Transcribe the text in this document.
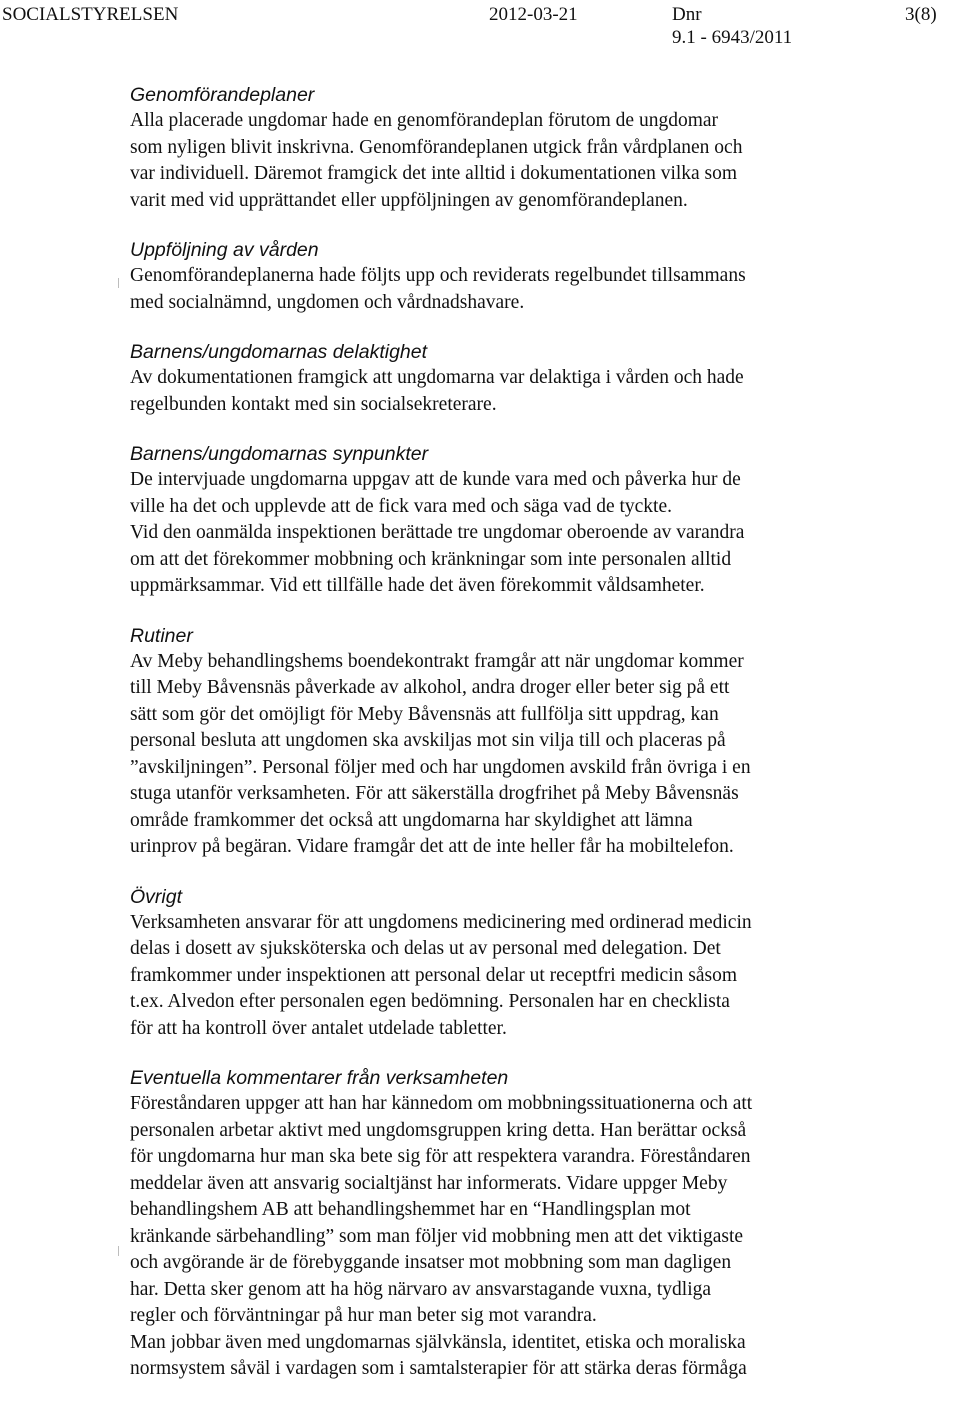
SOCIALSTYRELSEN	2012-03-21	Dnr
9.1 - 6943/2011
3(8)
Genomförandeplaner

Alla placerade ungdomar hade en genomförandeplan förutom de ungdomar
som nyligen blivit inskrivna. Genomförandeplanen utgick från vårdplanen och
var individuell. Däremot framgick det inte alltid i dokumentationen vilka som
varit med vid upprättandet eller uppföljningen av genomförandeplanen.

Uppföljning av vården

Genomförandeplanerna hade följts upp och reviderats regelbundet tillsammans
med socialnämnd, ungdomen och vårdnadshavare.

Barnens/ungdomarnas delaktighet

Av dokumentationen framgick att ungdomarna var delaktiga i vården och hade
regelbunden kontakt med sin socialsekreterare.

Barnens/ungdomarnas synpunkter

De intervjuade ungdomarna uppgav att de kunde vara med och påverka hur de
ville ha det och upplevde att de fick vara med och säga vad de tyckte.

Vid den oanmälda inspektionen berättade tre ungdomar oberoende av varandra
om att det förekommer mobbning och kränkningar som inte personalen alltid
uppmärksammar. Vid ett tillfälle hade det även förekommit våldsamheter.

Rutiner

Av Meby behandlingshems boendekontrakt framgår att när ungdomar kommer
till Meby Båvensnäs påverkade av alkohol, andra droger eller beter sig på ett
sätt som gör det omöjligt för Meby Båvensnäs att fullfölja sitt uppdrag, kan
personal besluta att ungdomen ska avskiljas mot sin vilja till och placeras på
”avskiljningen”. Personal följer med och har ungdomen avskild från övriga i en
stuga utanför verksamheten. För att säkerställa drogfrihet på Meby Båvensnäs
område framkommer det också att ungdomarna har skyldighet att lämna
urinprov på begäran. Vidare framgår det att de inte heller får ha mobiltelefon.

Övrigt

Verksamheten ansvarar för att ungdomens medicinering med ordinerad medicin
delas i dosett av sjuksköterska och delas ut av personal med delegation. Det
framkommer under inspektionen att personal delar ut receptfri medicin såsom
t.ex. Alvedon efter personalen egen bedömning. Personalen har en checklista
för att ha kontroll över antalet utdelade tabletter.

Eventuella kommentarer från verksamheten

Föreståndaren uppger att han har kännedom om mobbningssituationerna och att
personalen arbetar aktivt med ungdomsgruppen kring detta. Han berättar också
för ungdomarna hur man ska bete sig för att respektera varandra. Föreståndaren
meddelar även att ansvarig socialtjänst har informerats. Vidare uppger Meby
behandlingshem AB att behandlingshemmet har en “Handlingsplan mot
kränkande särbehandling” som man följer vid mobbning men att det viktigaste
och avgörande är de förebyggande insatser mot mobbning som man dagligen
har. Detta sker genom att ha hög närvaro av ansvarstagande vuxna, tydliga
regler och förväntningar på hur man beter sig mot varandra.

Man jobbar även med ungdomarnas självkänsla, identitet, etiska och moraliska
normsystem såväl i vardagen som i samtalsterapier för att stärka deras förmåga
